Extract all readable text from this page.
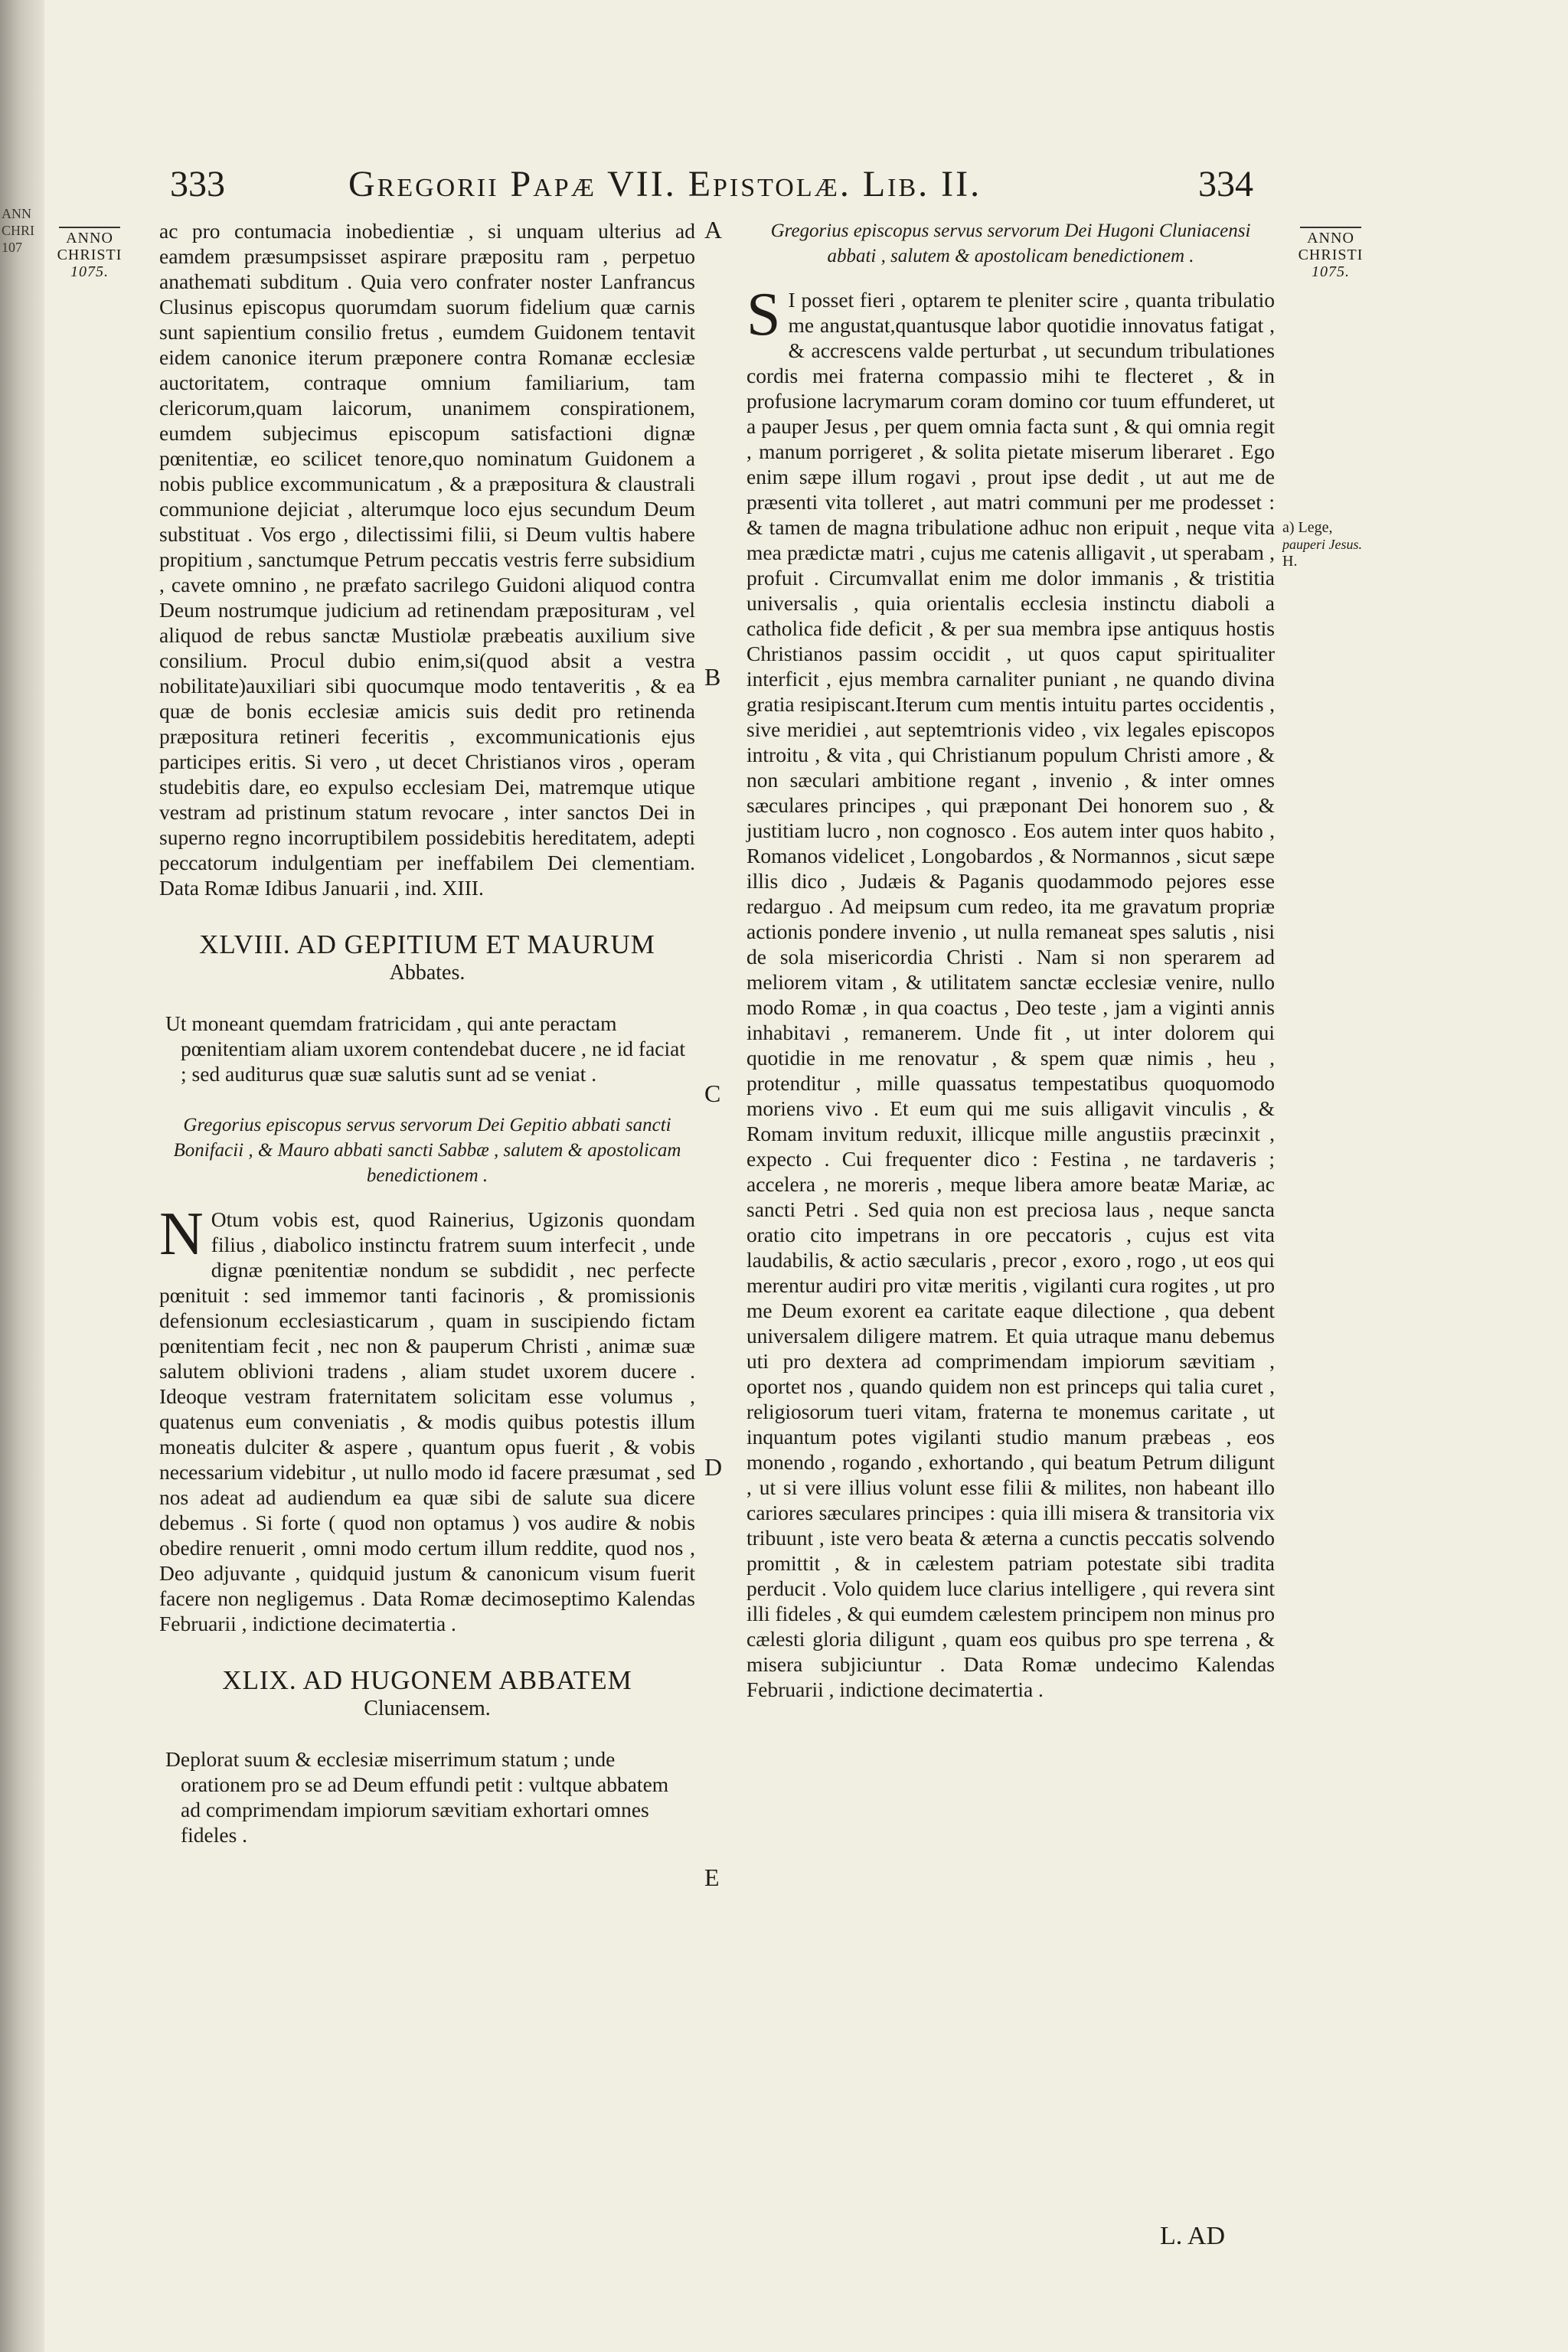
ANN
CHRI
107
333	Gregorii Papæ VII. Epistolæ. Lib. II.	334
ANNO
CHRISTI
1075.
ANNO
CHRISTI
1075.
A
B
C
D
E
a) Lege,
pauperi Jesus.
H.

ac pro contumacia inobedientiæ , si unquam ulterius ad eamdem præsumpsisset aspirare præpositu ram , perpetuo anathemati subditum . Quia vero confrater noster Lanfrancus Clusinus episcopus quorumdam suorum fidelium quæ carnis sunt sapientium consilio fretus , eumdem Guidonem tentavit eidem canonice iterum præponere contra Romanæ ecclesiæ auctoritatem, contraque omnium familiarium, tam clericorum,quam laicorum, unanimem conspirationem, eumdem subjecimus episcopum satisfactioni dignæ pœnitentiæ, eo scilicet tenore,quo nominatum Guidonem a nobis publice excommunicatum , & a præpositura & claustrali communione dejiciat , alterumque loco ejus secundum Deum substituat . Vos ergo , dilectissimi filii, si Deum vultis habere propitium , sanctumque Petrum peccatis vestris ferre subsidium , cavete omnino , ne præfato sacrilego Guidoni aliquod contra Deum nostrumque judicium ad retinendam præpositurам , vel aliquod de rebus sanctæ Mustiolæ præbeatis auxilium sive consilium. Procul dubio enim,si(quod absit a vestra nobilitate)auxiliari sibi quocumque modo tentaveritis , & ea quæ de bonis ecclesiæ amicis suis dedit pro retinenda præpositura retineri feceritis , excommunicationis ejus participes eritis. Si vero , ut decet Christianos viros , operam studebitis dare, eo expulso ecclesiam Dei, matremque utique vestram ad pristinum statum revocare , inter sanctos Dei in superno regno incorruptibilem possidebitis hereditatem, adepti peccatorum indulgentiam per ineffabilem Dei clementiam. Data Romæ Idibus Januarii , ind. XIII.

XLVIII. AD GEPITIUM ET MAURUM
Abbates.

Ut moneant quemdam fratricidam , qui ante peractam pœnitentiam aliam uxorem contendebat ducere , ne id faciat ; sed auditurus quæ suæ salutis sunt ad se veniat .

Gregorius episcopus servus servorum Dei Gepitio abbati sancti Bonifacii , & Mauro abbati sancti Sabbæ , salutem & apostolicam benedictionem .

N Otum vobis est, quod Rainerius, Ugizonis quondam filius , diabolico instinctu fratrem suum interfecit , unde dignæ pœnitentiæ nondum se subdidit , nec perfecte pœnituit : sed immemor tanti facinoris , & promissionis defensionum ecclesiasticarum , quam in suscipiendo fictam pœnitentiam fecit , nec non & pauperum Christi , animæ suæ salutem oblivioni tradens , aliam studet uxorem ducere . Ideoque vestram fraternitatem solicitam esse volumus , quatenus eum conveniatis , & modis quibus potestis illum moneatis dulciter & aspere , quantum opus fuerit , & vobis necessarium videbitur , ut nullo modo id facere præsumat , sed nos adeat ad audiendum ea quæ sibi de salute sua dicere debemus . Si forte ( quod non optamus ) vos audire & nobis obedire renuerit , omni modo certum illum reddite, quod nos , Deo adjuvante , quidquid justum & canonicum visum fuerit facere non negligemus . Data Romæ decimoseptimo Kalendas Februarii , indictione decimatertia .

XLIX. AD HUGONEM ABBATEM
Cluniacensem.

Deplorat suum & ecclesiæ miserrimum statum ; unde orationem pro se ad Deum effundi petit : vultque abbatem ad comprimendam impiorum sævitiam exhortari omnes fideles .

Gregorius episcopus servus servorum Dei Hugoni Cluniacensi abbati , salutem & apostolicam benedictionem .

S I posset fieri , optarem te pleniter scire , quanta tribulatio me angustat,quantusque labor quotidie innovatus fatigat , & accrescens valde perturbat , ut secundum tribulationes cordis mei fraterna compassio mihi te flecteret , & in profusione lacrymarum coram domino cor tuum effunderet, ut a pauper Jesus , per quem omnia facta sunt , & qui omnia regit , manum porrigeret , & solita pietate miserum liberaret . Ego enim sæpe illum rogavi , prout ipse dedit , ut aut me de præsenti vita tolleret , aut matri communi per me prodesset : & tamen de magna tribulatione adhuc non eripuit , neque vita mea prædictæ matri , cujus me catenis alligavit , ut sperabam , profuit . Circumvallat enim me dolor immanis , & tristitia universalis , quia orientalis ecclesia instinctu diaboli a catholica fide deficit , & per sua membra ipse antiquus hostis Christianos passim occidit , ut quos caput spiritualiter interficit , ejus membra carnaliter puniant , ne quando divina gratia resipiscant.Iterum cum mentis intuitu partes occidentis , sive meridiei , aut septemtrionis video , vix legales episcopos introitu , & vita , qui Christianum populum Christi amore , & non sæculari ambitione regant , invenio , & inter omnes sæculares principes , qui præponant Dei honorem suo , & justitiam lucro , non cognosco . Eos autem inter quos habito , Romanos videlicet , Longobardos , & Normannos , sicut sæpe illis dico , Judæis & Paganis quodammodo pejores esse redarguo . Ad meipsum cum redeo, ita me gravatum propriæ actionis pondere invenio , ut nulla remaneat spes salutis , nisi de sola misericordia Christi . Nam si non sperarem ad meliorem vitam , & utilitatem sanctæ ecclesiæ venire, nullo modo Romæ , in qua coactus , Deo teste , jam a viginti annis inhabitavi , remanerem. Unde fit , ut inter dolorem qui quotidie in me renovatur , & spem quæ nimis , heu , protenditur , mille quassatus tempestatibus quoquomodo moriens vivo . Et eum qui me suis alligavit vinculis , & Romam invitum reduxit, illicque mille angustiis præcinxit , expecto . Cui frequenter dico : Festina , ne tardaveris ; accelera , ne moreris , meque libera amore beatæ Mariæ, ac sancti Petri . Sed quia non est preciosa laus , neque sancta oratio cito impetrans in ore peccatoris , cujus est vita laudabilis, & actio sæcularis , precor , exoro , rogo , ut eos qui merentur audiri pro vitæ meritis , vigilanti cura rogites , ut pro me Deum exorent ea caritate eaque dilectione , qua debent universalem diligere matrem. Et quia utraque manu debemus uti pro dextera ad comprimendam impiorum sævitiam , oportet nos , quando quidem non est princeps qui talia curet , religiosorum tueri vitam, fraterna te monemus caritate , ut inquantum potes vigilanti studio manum præbeas , eos monendo , rogando , exhortando , qui beatum Petrum diligunt , ut si vere illius volunt esse filii & milites, non habeant illo cariores sæculares principes : quia illi misera & transitoria vix tribuunt , iste vero beata & æterna a cunctis peccatis solvendo promittit , & in cælestem patriam potestate sibi tradita perducit . Volo quidem luce clarius intelligere , qui revera sint illi fideles , & qui eumdem cælestem principem non minus pro cælesti gloria diligunt , quam eos quibus pro spe terrena , & misera subjiciuntur . Data Romæ undecimo Kalendas Februarii , indictione decimatertia .

L. AD
